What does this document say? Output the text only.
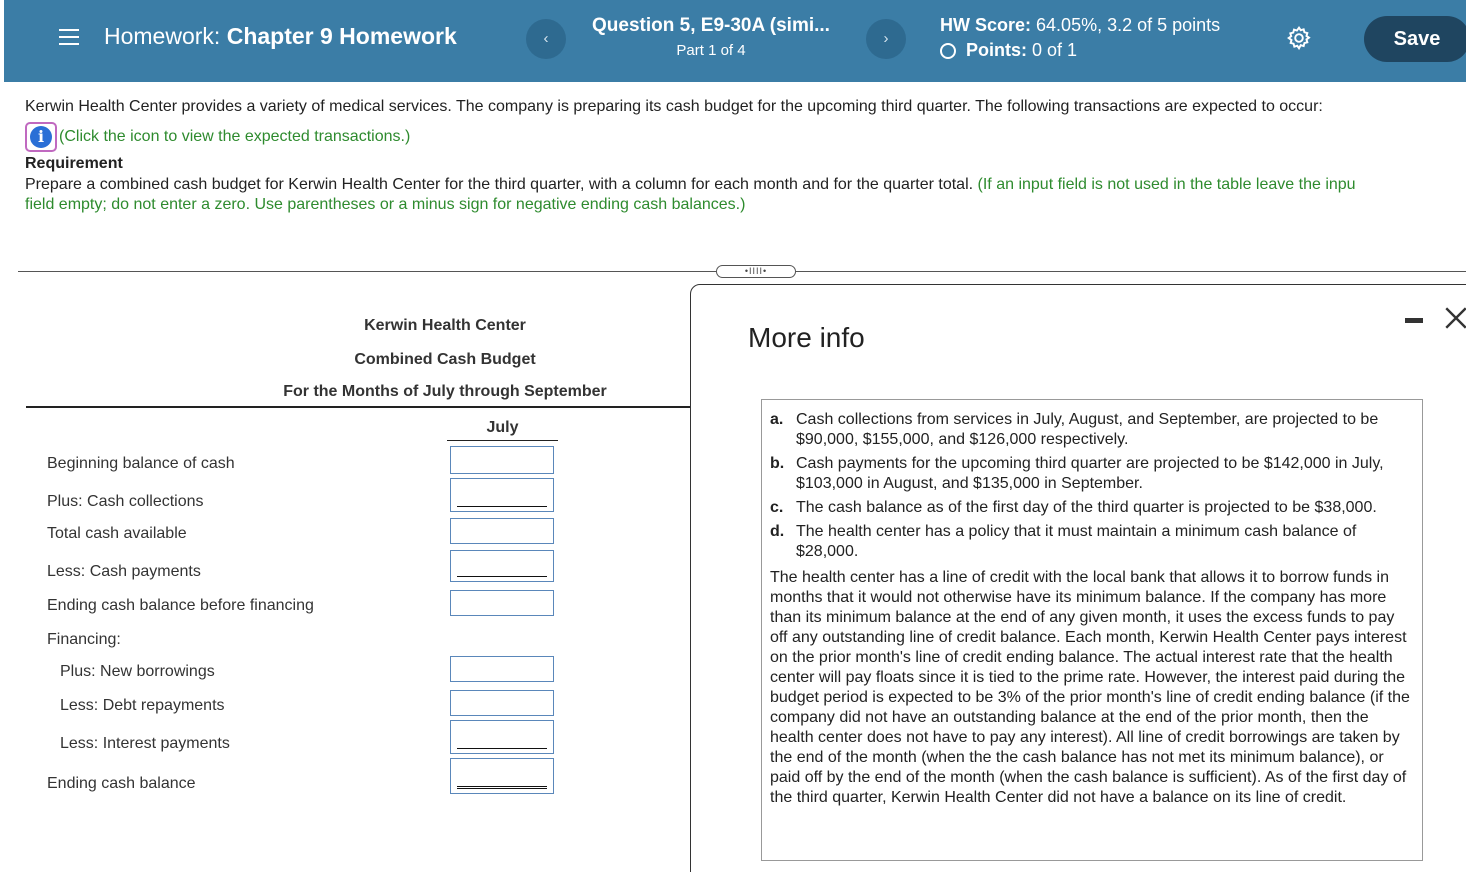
Homework: Chapter 9 Homework	‹
Question 5, E9-30A (simi...
Part 1 of 4
›
HW Score: 64.05%, 3.2 of 5 points
Points:
0 of 1	Save
Kerwin Health Center provides a variety of medical services. The company is preparing its cash budget for the upcoming third quarter. The following transactions are expected to occur:
i (Click the icon to view the expected transactions.)
Requirement
Prepare a combined cash budget for Kerwin Health Center for the third quarter, with a column for each month and for the quarter total. (If an input field is not used in the table leave the inpu
field empty; do not enter a zero. Use parentheses or a minus sign for negative ending cash balances.)
•IIII•
Kerwin Health Center
Combined Cash Budget
For the Months of July through September
July
Beginning balance of cash
Plus: Cash collections
Total cash available
Less: Cash payments
Ending cash balance before financing
Financing:
Plus: New borrowings
Less: Debt repayments
Less: Interest payments
Ending cash balance
More info
a. Cash collections from services in July, August, and September, are projected to be $90,000, $155,000, and $126,000 respectively.
b. Cash payments for the upcoming third quarter are projected to be $142,000 in July, $103,000 in August, and $135,000 in September.
c. The cash balance as of the first day of the third quarter is projected to be $38,000.
d. The health center has a policy that it must maintain a minimum cash balance of $28,000.
The health center has a line of credit with the local bank that allows it to borrow funds in months that it would not otherwise have its minimum balance. If the company has more than its minimum balance at the end of any given month, it uses the excess funds to pay off any outstanding line of credit balance. Each month, Kerwin Health Center pays interest on the prior month's line of credit ending balance. The actual interest rate that the health center will pay floats since it is tied to the prime rate. However, the interest paid during the budget period is expected to be 3% of the prior month's line of credit ending balance (if the company did not have an outstanding balance at the end of the prior month, then the health center does not have to pay any interest). All line of credit borrowings are taken by the end of the month (when the the cash balance has not met its minimum balance), or paid off by the end of the month (when the cash balance is sufficient). As of the first day of the third quarter, Kerwin Health Center did not have a balance on its line of credit.
